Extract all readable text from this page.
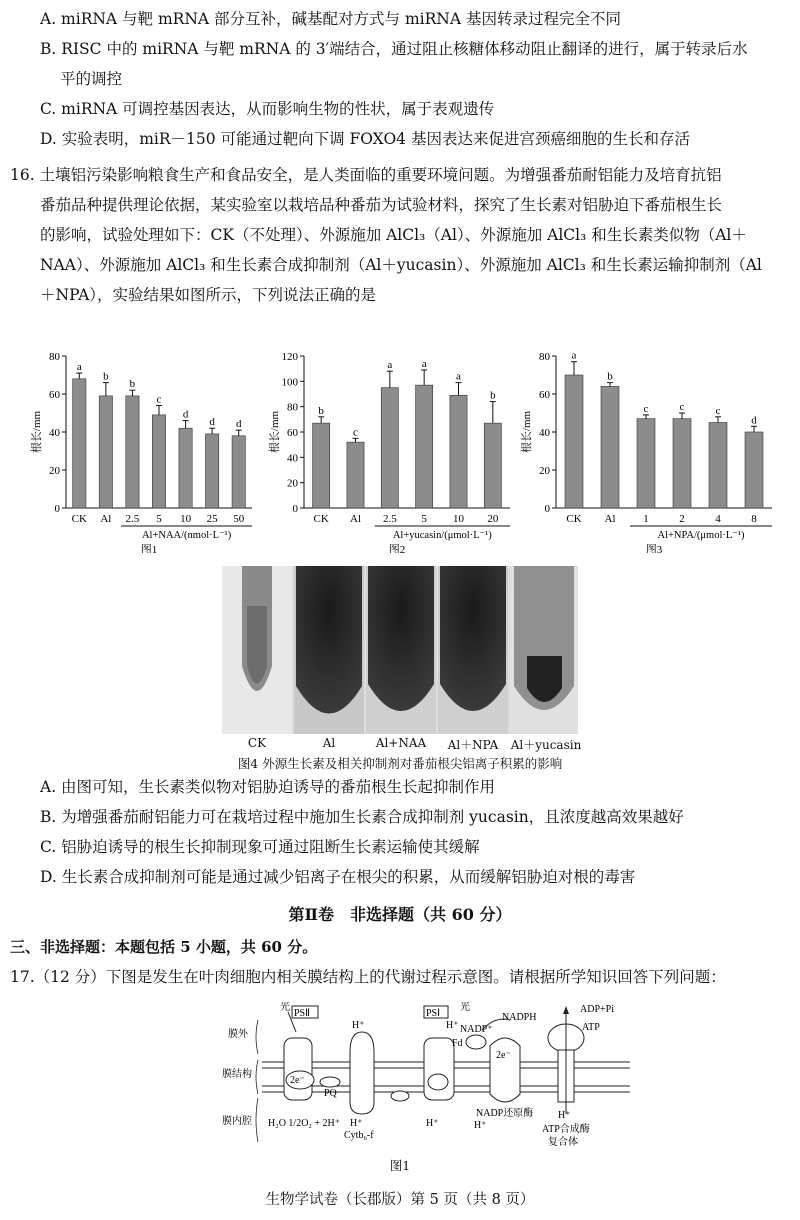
A. miRNA 与靶 mRNA 部分互补，碱基配对方式与 miRNA 基因转录过程完全不同
B. RISC 中的 miRNA 与靶 mRNA 的 3′端结合，通过阻止核糖体移动阻止翻译的进行，属于转录后水
平的调控
C. miRNA 可调控基因表达，从而影响生物的性状，属于表观遗传
D. 实验表明，miR－150 可能通过靶向下调 FOXO4 基因表达来促进宫颈癌细胞的生长和存活
16. 土壤铝污染影响粮食生产和食品安全，是人类面临的重要环境问题。为增强番茄耐铝能力及培育抗铝
番茄品种提供理论依据，某实验室以栽培品种番茄为试验材料，探究了生长素对铝胁迫下番茄根生长
的影响，试验处理如下：CK（不处理）、外源施加 AlCl₃（Al）、外源施加 AlCl₃ 和生长素类似物（Al＋
NAA）、外源施加 AlCl₃ 和生长素合成抑制剂（Al＋yucasin）、外源施加 AlCl₃ 和生长素运输抑制剂（Al
＋NPA），实验结果如图所示，下列说法正确的是
根长/mm
0
20
40
60
80
a
CK
b
Al
b
2.5
c
5
d
10
d
25
d
50
Al+NAA/(nmol·L⁻¹)
图1
根长/mm
0
20
40
60
80
100
120
b
CK
c
Al
a
2.5
a
5
a
10
b
20
Al+yucasin/(μmol·L⁻¹)
图2
根长/mm
0
20
40
60
80 a
CK
b
Al
c
1
c
2
c
4
d
8
Al+NPA/(μmol·L⁻¹)
图3
CK	Al	Al+NAA	Al＋NPA	Al＋yucasin
图4 外源生长素及相关抑制剂对番茄根尖铝离子积累的影响
A. 由图可知，生长素类似物对铝胁迫诱导的番茄根生长起抑制作用
B. 为增强番茄耐铝能力可在栽培过程中施加生长素合成抑制剂 yucasin，且浓度越高效果越好
C. 铝胁迫诱导的根生长抑制现象可通过阻断生长素运输使其缓解
D. 生长素合成抑制剂可能是通过减少铝离子在根尖的积累，从而缓解铝胁迫对根的毒害
第Ⅱ卷　非选择题（共 60 分）
三、非选择题：本题包括 5 小题，共 60 分。
17.（12 分）下图是发生在叶肉细胞内相关膜结构上的代谢过程示意图。请根据所学知识回答下列问题：
膜外
膜结构
膜内腔
PSⅡ
光
2e⁻
PQ
H₂O 1/2O₂ + 2H⁺
H⁺
H⁺
Cytb₆-f
PSⅠ
光
H⁺
H⁺
Fd
NADP⁺
NADPH
2e⁻
NADP还原酶
H⁺
ADP+Pi
ATP
H⁺
ATP合成酶
复合体
图1
生物学试卷（长郡版）第 5 页（共 8 页）
